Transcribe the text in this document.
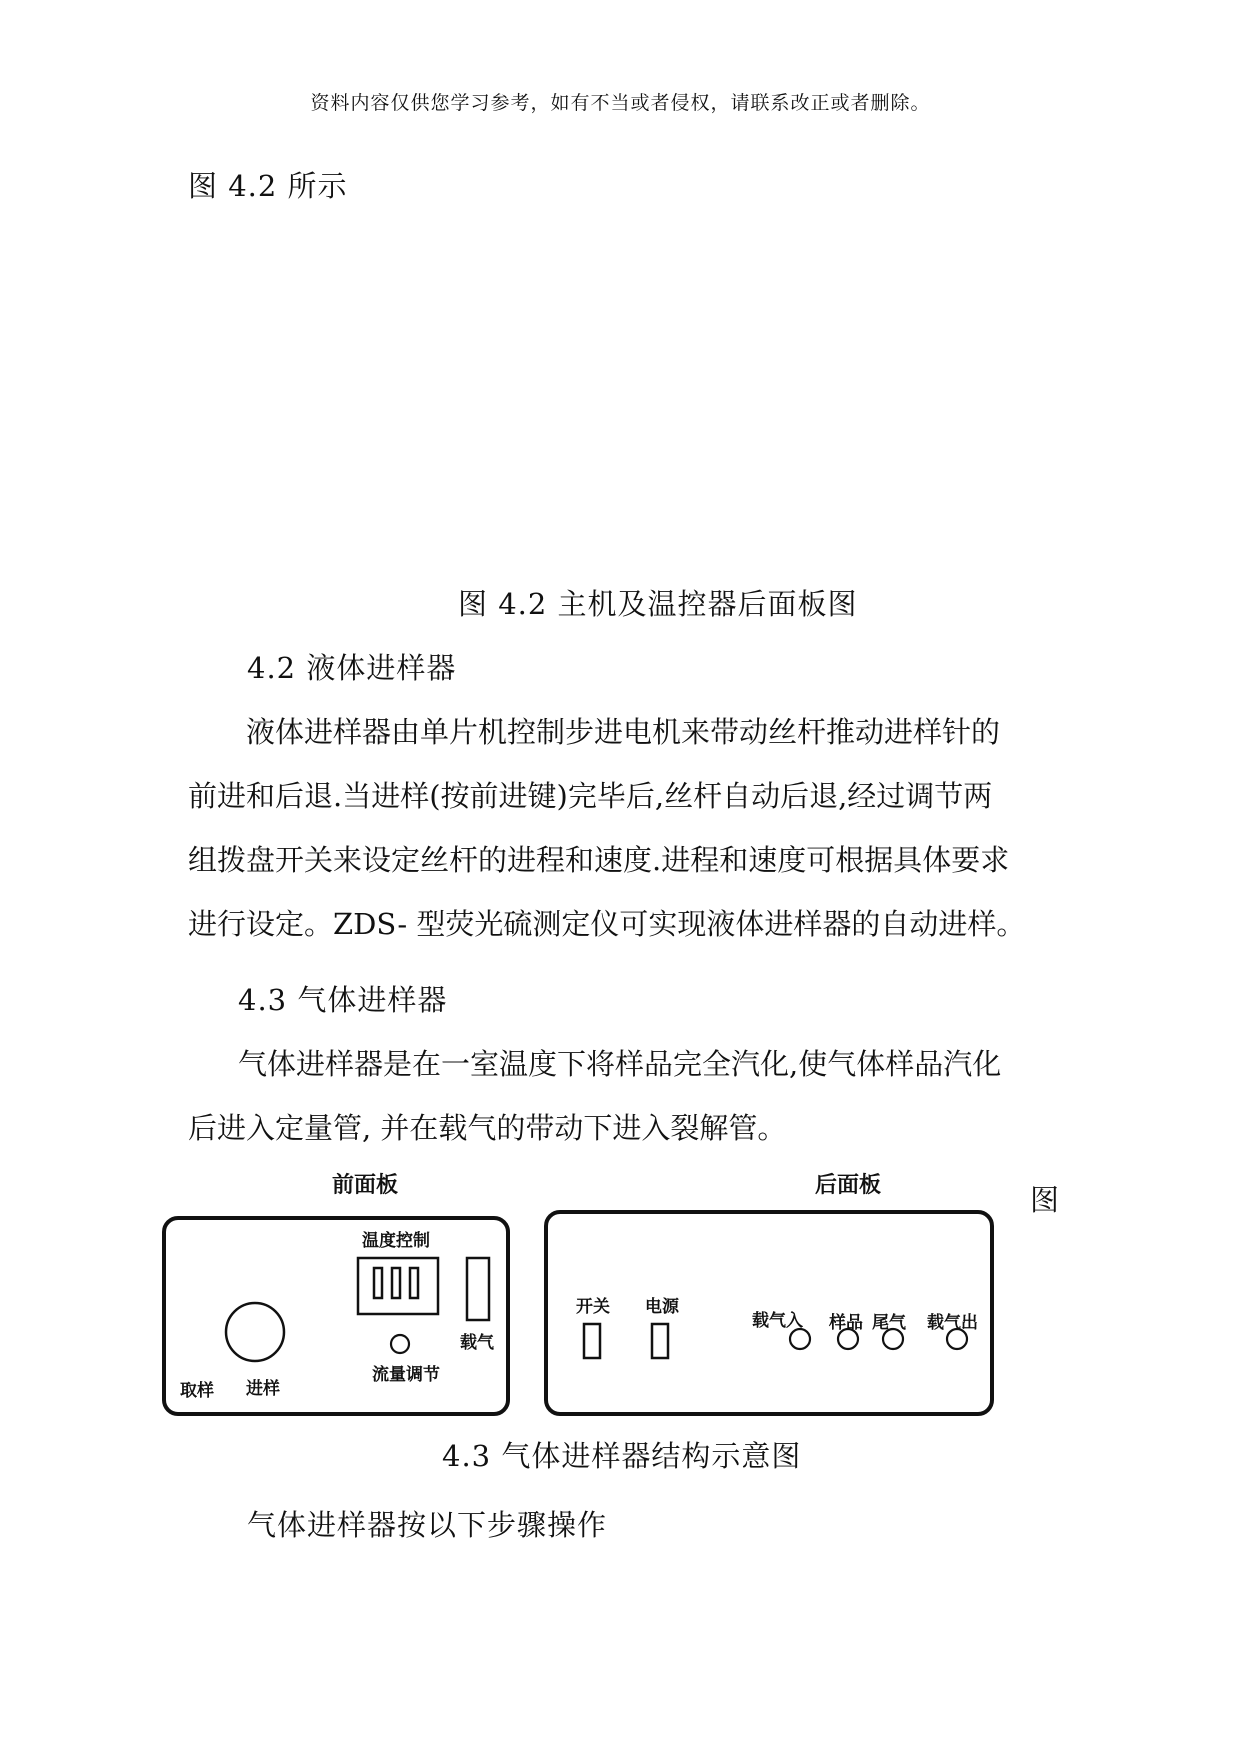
资料内容仅供您学习参考，如有不当或者侵权，请联系改正或者删除。
图 4.2 所示
图 4.2 主机及温控器后面板图
4.2 液体进样器
液体进样器由单片机控制步进电机来带动丝杆推动进样针的
前进和后退.当进样(按前进键)完毕后,丝杆自动后退,经过调节两
组拨盘开关来设定丝杆的进程和速度.进程和速度可根据具体要求
进行设定。ZDS- 型荧光硫测定仪可实现液体进样器的自动进样。
4.3 气体进样器
气体进样器是在一室温度下将样品完全汽化,使气体样品汽化
后进入定量管, 并在载气的带动下进入裂解管。
前面板	后面板	图
温度控制
载气
流量调节
取样 进样
开关 电源
载气入 样品 尾气 载气出
4.3 气体进样器结构示意图
气体进样器按以下步骤操作
